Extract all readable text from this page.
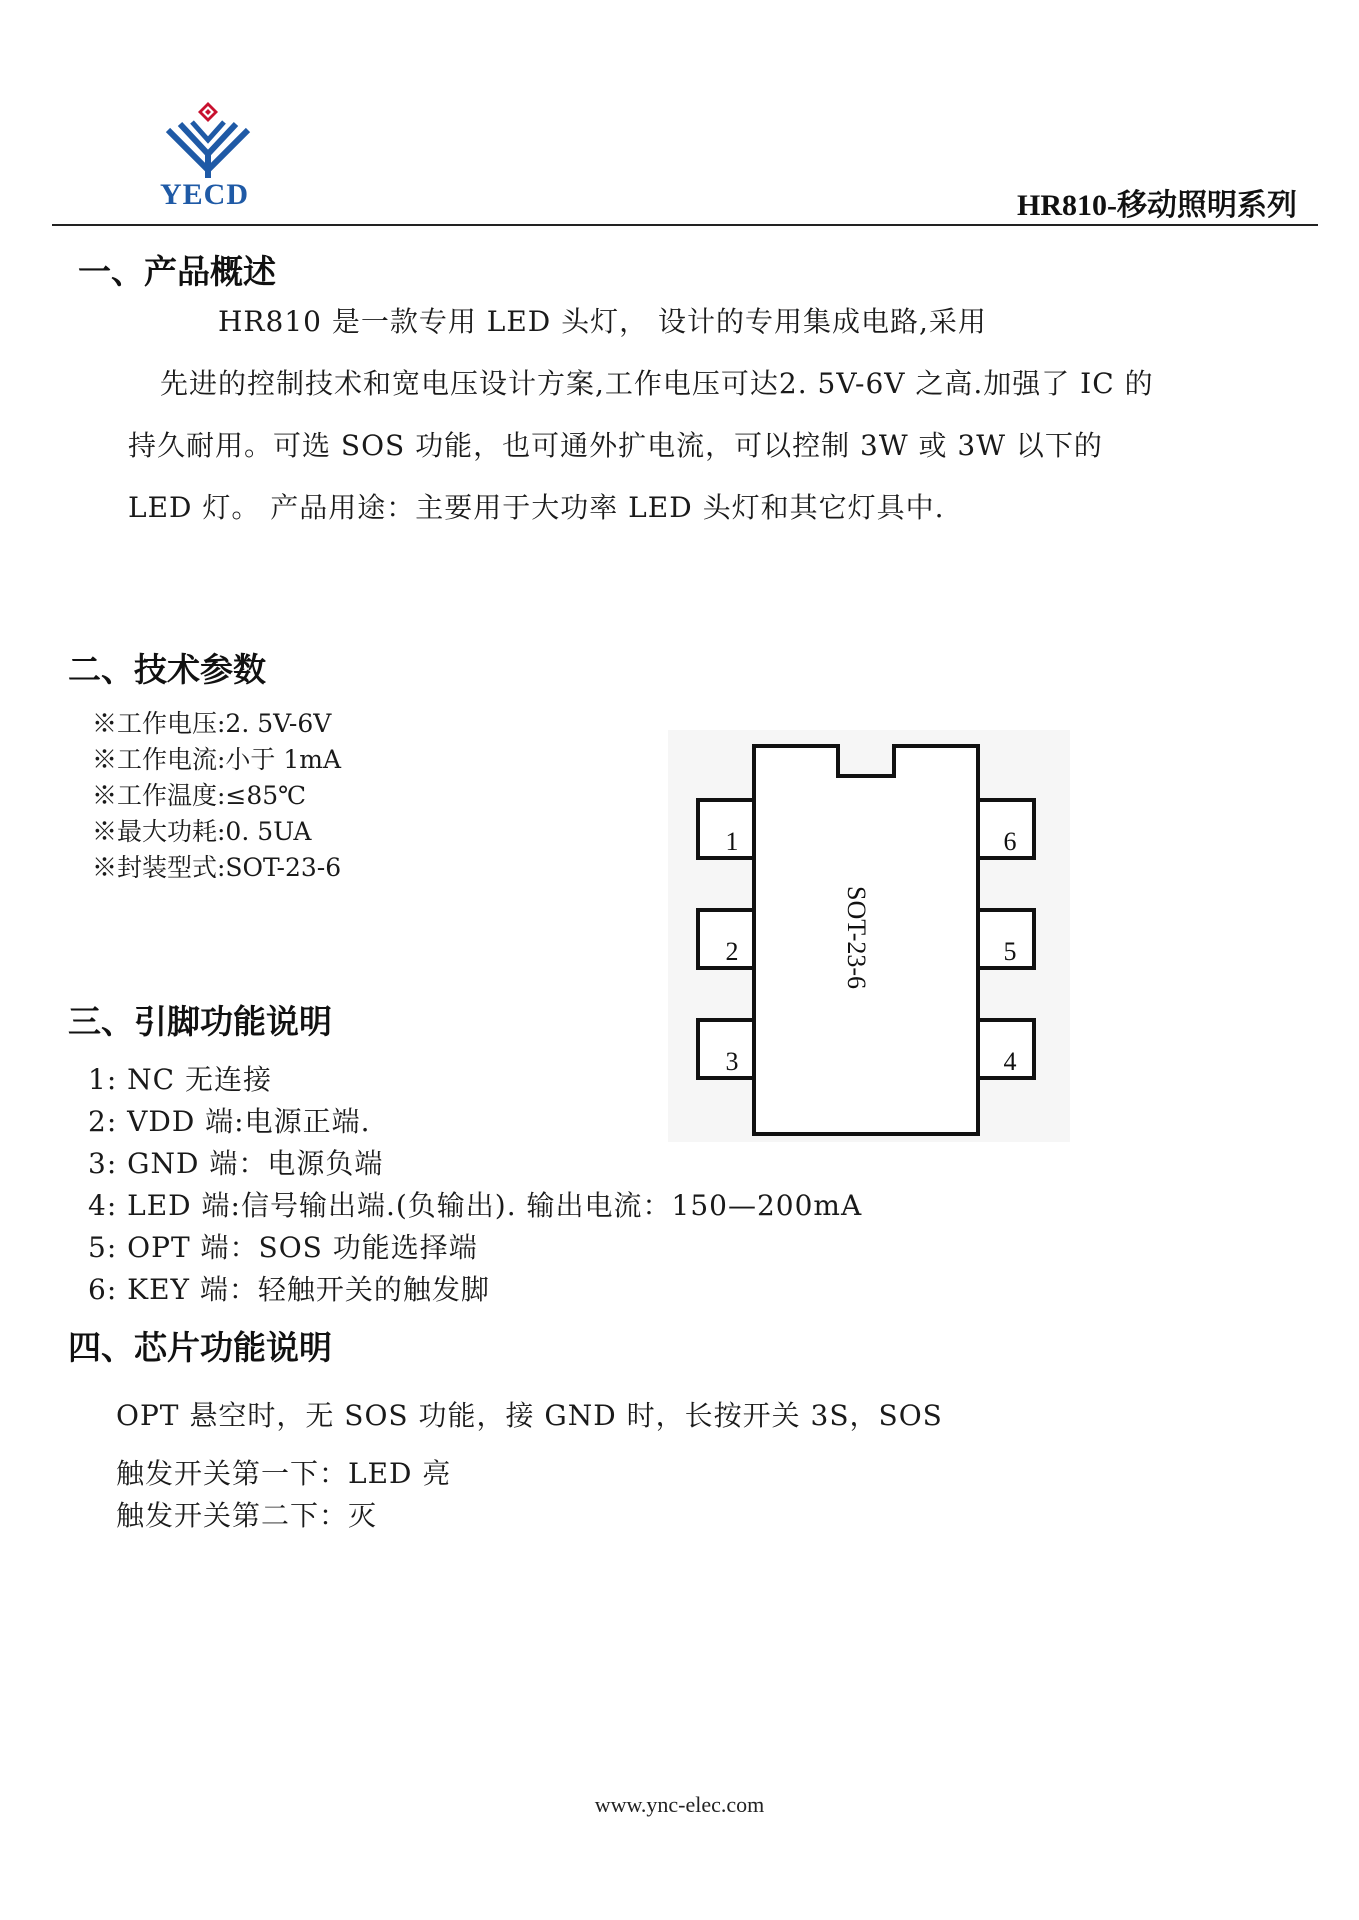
YECD	HR810-移动照明系列
一、产品概述
HR810 是一款专用 LED 头灯， 设计的专用集成电路,采用
先进的控制技术和宽电压设计方案,工作电压可达2. 5V-6V 之高.加强了 IC 的
持久耐用。可选 SOS 功能，也可通外扩电流，可以控制 3W 或 3W 以下的
LED 灯。 产品用途：主要用于大功率 LED 头灯和其它灯具中.
二、技术参数
※工作电压:2. 5V-6V
※工作电流:小于 1mA
※工作温度:≤85℃
※最大功耗:0. 5UA
※封装型式:SOT-23-6
1
2
3
6
5
4
SOT-23-6
三、引脚功能说明
1: NC 无连接
2: VDD 端:电源正端.
3: GND 端：电源负端
4: LED 端:信号输出端.(负输出). 输出电流：150—200mA
5: OPT 端：SOS 功能选择端
6: KEY 端：轻触开关的触发脚
四、芯片功能说明
OPT 悬空时，无 SOS 功能，接 GND 时，长按开关 3S，SOS
触发开关第一下：LED 亮
触发开关第二下：灭
www.ync-elec.com
